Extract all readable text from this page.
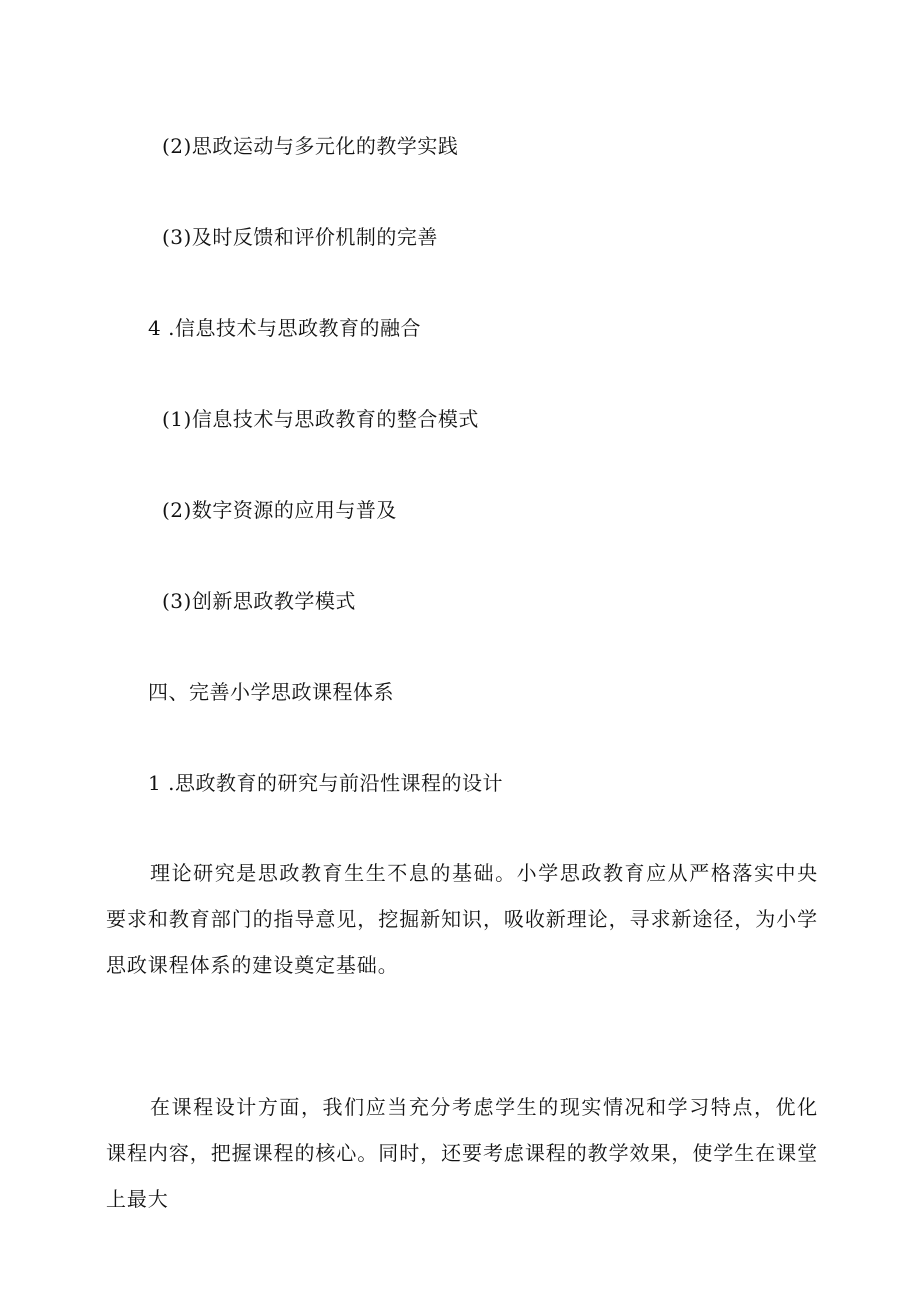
(2)思政运动与多元化的教学实践
(3)及时反馈和评价机制的完善
4 .信息技术与思政教育的融合
(1)信息技术与思政教育的整合模式
(2)数字资源的应用与普及
(3)创新思政教学模式
四、完善小学思政课程体系
1 .思政教育的研究与前沿性课程的设计

理论研究是思政教育生生不息的基础。小学思政教育应从严格落实中央要求和教育部门的指导意见，挖掘新知识，吸收新理论，寻求新途径，为小学思政课程体系的建设奠定基础。

在课程设计方面，我们应当充分考虑学生的现实情况和学习特点，优化课程内容，把握课程的核心。同时，还要考虑课程的教学效果，使学生在课堂上最大
